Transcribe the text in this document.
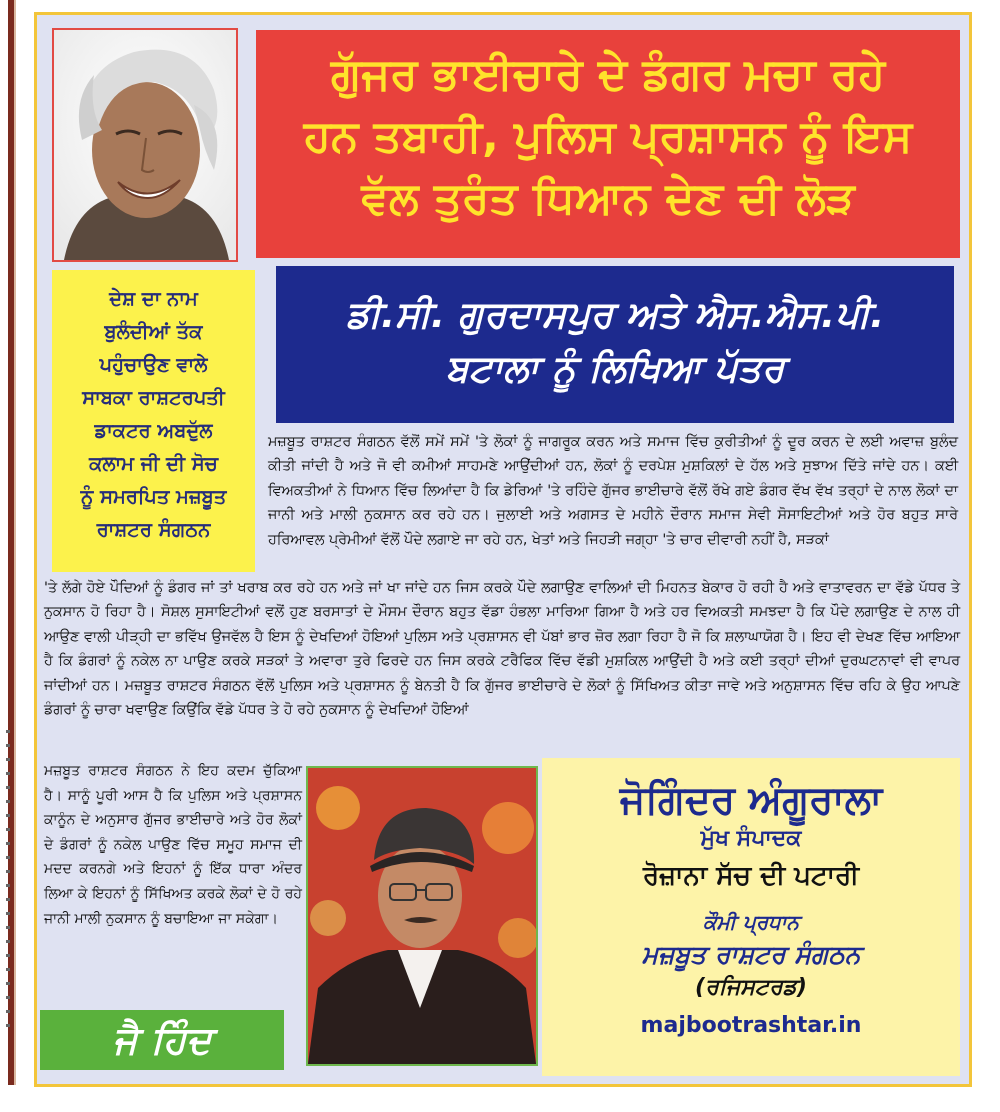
ਗੁੱਜਰ ਭਾਈਚਾਰੇ ਦੇ ਡੰਗਰ ਮਚਾ ਰਹੇ
ਹਨ ਤਬਾਹੀ, ਪੁਲਿਸ ਪ੍ਰਸ਼ਾਸਨ ਨੂੰ ਇਸ
ਵੱਲ ਤੁਰੰਤ ਧਿਆਨ ਦੇਣ ਦੀ ਲੋੜ
ਦੇਸ਼ ਦਾ ਨਾਮ
ਬੁਲੰਦੀਆਂ ਤੱਕ
ਪਹੁੰਚਾਉਣ ਵਾਲੇ
ਸਾਬਕਾ ਰਾਸ਼ਟਰਪਤੀ
ਡਾਕਟਰ ਅਬਦੁੱਲ
ਕਲਾਮ ਜੀ ਦੀ ਸੋਚ
ਨੂੰ ਸਮਰਪਿਤ ਮਜ਼ਬੂਤ
ਰਾਸ਼ਟਰ ਸੰਗਠਨ
ਡੀ.ਸੀ. ਗੁਰਦਾਸਪੁਰ ਅਤੇ ਐਸ.ਐਸ.ਪੀ.
ਬਟਾਲਾ ਨੂੰ ਲਿਖਿਆ ਪੱਤਰ
ਮਜ਼ਬੂਤ ਰਾਸ਼ਟਰ ਸੰਗਠਨ ਵੱਲੋਂ ਸਮੇਂ ਸਮੇਂ 'ਤੇ ਲੋਕਾਂ ਨੂੰ ਜਾਗਰੂਕ ਕਰਨ ਅਤੇ ਸਮਾਜ ਵਿੱਚ ਕੁਰੀਤੀਆਂ ਨੂੰ ਦੂਰ ਕਰਨ ਦੇ ਲਈ ਅਵਾਜ਼ ਬੁਲੰਦ ਕੀਤੀ ਜਾਂਦੀ ਹੈ ਅਤੇ ਜੋ ਵੀ ਕਮੀਆਂ ਸਾਹਮਣੇ ਆਉਂਦੀਆਂ ਹਨ, ਲੋਕਾਂ ਨੂੰ ਦਰਪੇਸ਼ ਮੁਸ਼ਕਿਲਾਂ ਦੇ ਹੱਲ ਅਤੇ ਸੁਝਾਅ ਦਿੱਤੇ ਜਾਂਦੇ ਹਨ। ਕਈ ਵਿਅਕਤੀਆਂ ਨੇ ਧਿਆਨ ਵਿੱਚ ਲਿਆਂਦਾ ਹੈ ਕਿ ਡੇਰਿਆਂ 'ਤੇ ਰਹਿੰਦੇ ਗੁੱਜਰ ਭਾਈਚਾਰੇ ਵੱਲੋਂ ਰੱਖੇ ਗਏ ਡੰਗਰ ਵੱਖ ਵੱਖ ਤਰ੍ਹਾਂ ਦੇ ਨਾਲ ਲੋਕਾਂ ਦਾ ਜਾਨੀ ਅਤੇ ਮਾਲੀ ਨੁਕਸਾਨ ਕਰ ਰਹੇ ਹਨ। ਜੁਲਾਈ ਅਤੇ ਅਗਸਤ ਦੇ ਮਹੀਨੇ ਦੌਰਾਨ ਸਮਾਜ ਸੇਵੀ ਸੋਸਾਇਟੀਆਂ ਅਤੇ ਹੋਰ ਬਹੁਤ ਸਾਰੇ ਹਰਿਆਵਲ ਪ੍ਰੇਮੀਆਂ ਵੱਲੋਂ ਪੌਦੇ ਲਗਾਏ ਜਾ ਰਹੇ ਹਨ, ਖੇਤਾਂ ਅਤੇ ਜਿਹੜੀ ਜਗ੍ਹਾ 'ਤੇ ਚਾਰ ਦੀਵਾਰੀ ਨਹੀਂ ਹੈ, ਸੜਕਾਂ
'ਤੇ ਲੱਗੇ ਹੋਏ ਪੌਦਿਆਂ ਨੂੰ ਡੰਗਰ ਜਾਂ ਤਾਂ ਖਰਾਬ ਕਰ ਰਹੇ ਹਨ ਅਤੇ ਜਾਂ ਖਾ ਜਾਂਦੇ ਹਨ ਜਿਸ ਕਰਕੇ ਪੌਦੇ ਲਗਾਉਣ ਵਾਲਿਆਂ ਦੀ ਮਿਹਨਤ ਬੇਕਾਰ ਹੋ ਰਹੀ ਹੈ ਅਤੇ ਵਾਤਾਵਰਨ ਦਾ ਵੱਡੇ ਪੱਧਰ ਤੇ ਨੁਕਸਾਨ ਹੋ ਰਿਹਾ ਹੈ। ਸੋਸ਼ਲ ਸੁਸਾਇਟੀਆਂ ਵਲੋਂ ਹੁਣ ਬਰਸਾਤਾਂ ਦੇ ਮੌਸਮ ਦੌਰਾਨ ਬਹੁਤ ਵੱਡਾ ਹੰਭਲਾ ਮਾਰਿਆ ਗਿਆ ਹੈ ਅਤੇ ਹਰ ਵਿਅਕਤੀ ਸਮਝਦਾ ਹੈ ਕਿ ਪੌਦੇ ਲਗਾਉਣ ਦੇ ਨਾਲ ਹੀ ਆਉਣ ਵਾਲੀ ਪੀੜ੍ਹੀ ਦਾ ਭਵਿੱਖ ਉਜਵੱਲ ਹੈ ਇਸ ਨੂੰ ਦੇਖਦਿਆਂ ਹੋਇਆਂ ਪੁਲਿਸ ਅਤੇ ਪ੍ਰਸ਼ਾਸਨ ਵੀ ਪੱਬਾਂ ਭਾਰ ਜ਼ੋਰ ਲਗਾ ਰਿਹਾ ਹੈ ਜੋ ਕਿ ਸ਼ਲਾਘਾਯੋਗ ਹੈ। ਇਹ ਵੀ ਦੇਖਣ ਵਿੱਚ ਆਇਆ ਹੈ ਕਿ ਡੰਗਰਾਂ ਨੂੰ ਨਕੇਲ ਨਾ ਪਾਉਣ ਕਰਕੇ ਸੜਕਾਂ ਤੇ ਅਵਾਰਾ ਤੁਰੇ ਫਿਰਦੇ ਹਨ ਜਿਸ ਕਰਕੇ ਟਰੈਫਿਕ ਵਿੱਚ ਵੱਡੀ ਮੁਸ਼ਕਿਲ ਆਉਂਦੀ ਹੈ ਅਤੇ ਕਈ ਤਰ੍ਹਾਂ ਦੀਆਂ ਦੁਰਘਟਨਾਵਾਂ ਵੀ ਵਾਪਰ ਜਾਂਦੀਆਂ ਹਨ। ਮਜ਼ਬੂਤ ਰਾਸ਼ਟਰ ਸੰਗਠਨ ਵੱਲੋਂ ਪੁਲਿਸ ਅਤੇ ਪ੍ਰਸ਼ਾਸਨ ਨੂੰ ਬੇਨਤੀ ਹੈ ਕਿ ਗੁੱਜਰ ਭਾਈਚਾਰੇ ਦੇ ਲੋਕਾਂ ਨੂੰ ਸਿੱਖਿਅਤ ਕੀਤਾ ਜਾਵੇ ਅਤੇ ਅਨੁਸ਼ਾਸਨ ਵਿੱਚ ਰਹਿ ਕੇ ਉਹ ਆਪਣੇ ਡੰਗਰਾਂ ਨੂੰ ਚਾਰਾ ਖਵਾਉਣ ਕਿਉਂਕਿ ਵੱਡੇ ਪੱਧਰ ਤੇ ਹੋ ਰਹੇ ਨੁਕਸਾਨ ਨੂੰ ਦੇਖਦਿਆਂ ਹੋਇਆਂ
ਮਜ਼ਬੂਤ ਰਾਸ਼ਟਰ ਸੰਗਠਨ ਨੇ ਇਹ ਕਦਮ ਚੁੱਕਿਆ ਹੈ। ਸਾਨੂੰ ਪੂਰੀ ਆਸ ਹੈ ਕਿ ਪੁਲਿਸ ਅਤੇ ਪ੍ਰਸ਼ਾਸਨ ਕਾਨੂੰਨ ਦੇ ਅਨੁਸਾਰ ਗੁੱਜਰ ਭਾਈਚਾਰੇ ਅਤੇ ਹੋਰ ਲੋਕਾਂ ਦੇ ਡੰਗਰਾਂ ਨੂੰ ਨਕੇਲ ਪਾਉਣ ਵਿੱਚ ਸਮੂਹ ਸਮਾਜ ਦੀ ਮਦਦ ਕਰਨਗੇ ਅਤੇ ਇਹਨਾਂ ਨੂੰ ਇੱਕ ਧਾਰਾ ਅੰਦਰ ਲਿਆ ਕੇ ਇਹਨਾਂ ਨੂੰ ਸਿੱਖਿਅਤ ਕਰਕੇ ਲੋਕਾਂ ਦੇ ਹੋ ਰਹੇ ਜਾਨੀ ਮਾਲੀ ਨੁਕਸਾਨ ਨੂੰ ਬਚਾਇਆ ਜਾ ਸਕੇਗਾ।
ਜੈ ਹਿੰਦ
ਜੋਗਿੰਦਰ ਅੰਗੂਰਾਲਾ
ਮੁੱਖ ਸੰਪਾਦਕ
ਰੋਜ਼ਾਨਾ ਸੱਚ ਦੀ ਪਟਾਰੀ
ਕੌਮੀ ਪ੍ਰਧਾਨ
ਮਜ਼ਬੂਤ ਰਾਸ਼ਟਰ ਸੰਗਠਨ
(ਰਜਿਸਟਰਡ)
majbootrashtar.in
